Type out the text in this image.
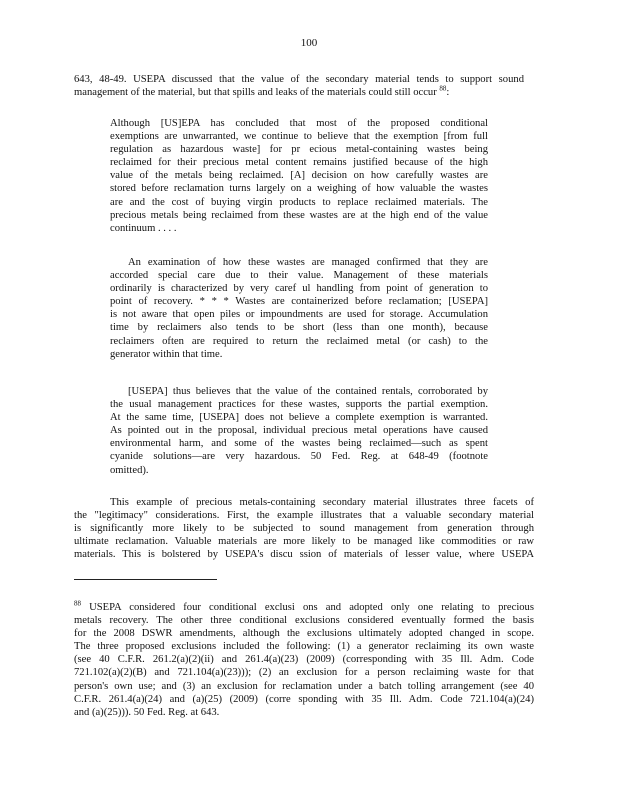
100
643, 48-49. USEPA discussed that the value of the secondary material tends to support sound
management of the material, but that spills and leaks of the materials could still occur $^{88}$:
Although [US]EPA has concluded that most of the proposed conditional
exemptions are unwarranted, we continue to believe that the exemption [from full
regulation as hazardous waste] for pr ecious metal-containing wastes being
reclaimed for their precious metal content remains justified because of the high
value of the metals being reclaimed. [A] decision on how carefully wastes are
stored before reclamation turns largely on a weighing of how valuable the wastes
are and the cost of buying virgin products to replace reclaimed materials. The
precious metals being reclaimed from these wastes are at the high end of the value
continuum . . . .
An examination of how these wastes are managed confirmed that they are
accorded special care due to their value. Management of these materials
ordinarily is characterized by very caref ul handling from point of generation to
point of recovery. * * * Wastes are containerized before reclamation; [USEPA]
is not aware that open piles or impoundments are used for storage. Accumulation
time by reclaimers also tends to be short (less than one month), because
reclaimers often are required to return the reclaimed metal (or cash) to the
generator within that time.
[USEPA] thus believes that the value of the contained rentals, corroborated by
the usual management practices for these wastes, supports the partial exemption.
At the same time, [USEPA] does not believe a complete exemption is warranted.
As pointed out in the proposal, individual precious metal operations have caused
environmental harm, and some of the wastes being reclaimed—such as spent
cyanide solutions—are very hazardous. 50 Fed. Reg. at 648-49 (footnote
omitted).
This example of precious metals-containing secondary material illustrates three facets of
the "legitimacy" considerations. First, the example illustrates that a valuable secondary material
is significantly more likely to be subjected to sound management from generation through
ultimate reclamation. Valuable materials are more likely to be managed like commodities or raw
materials. This is bolstered by USEPA's discu ssion of materials of lesser value, where USEPA
$^{88}$ USEPA considered four conditional exclusi ons and adopted only one relating to precious
metals recovery. The other three conditional exclusions considered eventually formed the basis
for the 2008 DSWR amendments, although the exclusions ultimately adopted changed in scope.
The three proposed exclusions included the following: (1) a generator reclaiming its own waste
(see 40 C.F.R. 261.2(a)(2)(ii) and 261.4(a)(23) (2009) (corresponding with 35 Ill. Adm. Code
721.102(a)(2)(B) and 721.104(a)(23))); (2) an exclusion for a person reclaiming waste for that
person's own use; and (3) an exclusion for reclamation under a batch tolling arrangement (see 40
C.F.R. 261.4(a)(24) and (a)(25) (2009) (corre sponding with 35 Ill. Adm. Code 721.104(a)(24)
and (a)(25))). 50 Fed. Reg. at 643.
